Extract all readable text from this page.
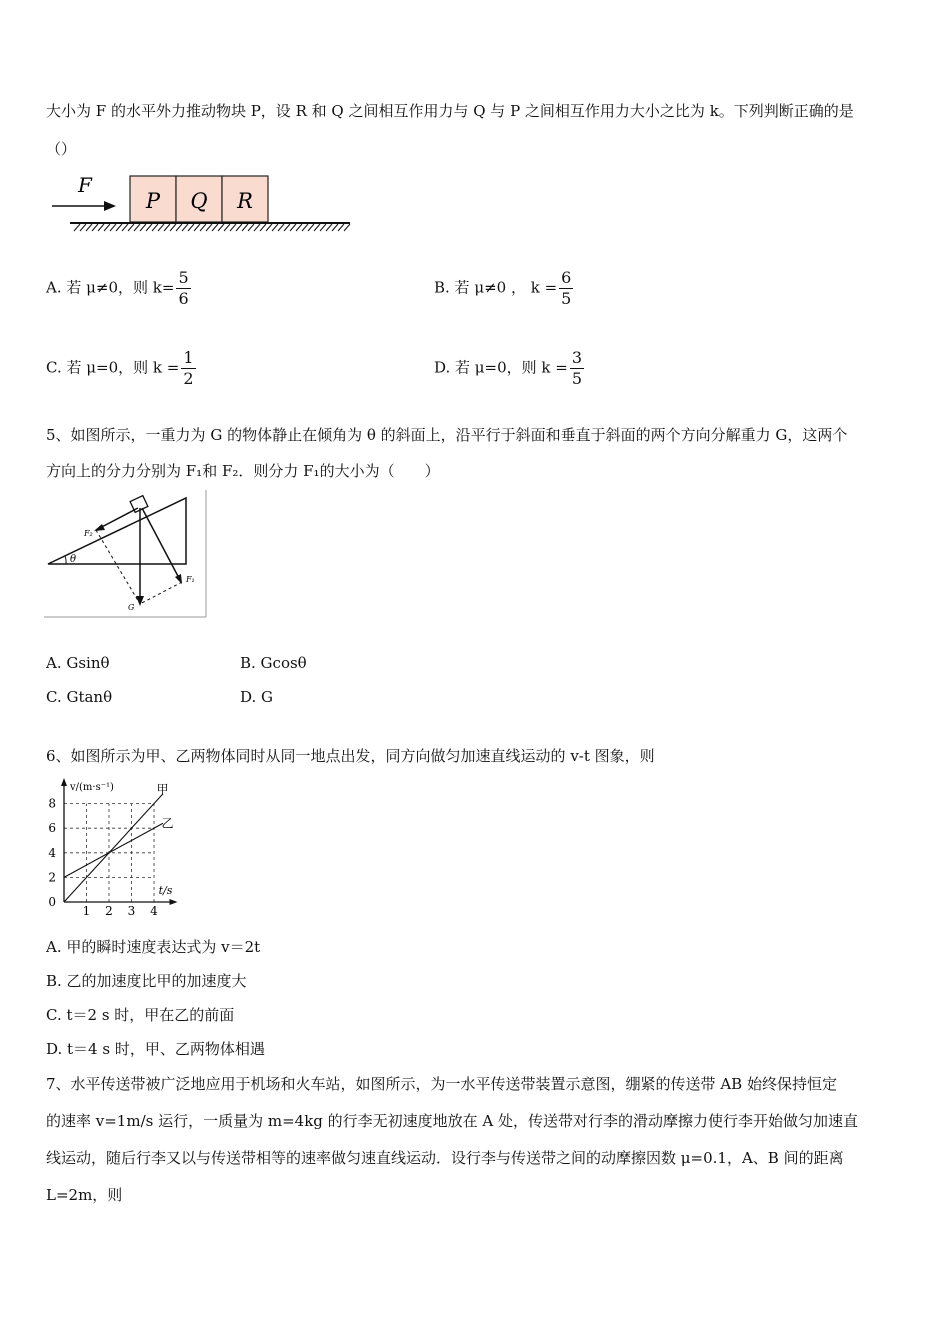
大小为 F 的水平外力推动物块 P，设 R 和 Q 之间相互作用力与 Q 与 P 之间相互作用力大小之比为 k。下列判断正确的是
（）
F
P Q R
A. 若 μ≠0，则 $k= \frac{5}{6}$	B. 若 μ≠0 ， $k = \frac{6}{5}$
C. 若 μ=0，则 $k = \frac{1}{2}$	D. 若 μ=0，则 $k = \frac{3}{5}$
5、如图所示，一重力为 G 的物体静止在倾角为 θ 的斜面上，沿平行于斜面和垂直于斜面的两个方向分解重力 G，这两个
方向上的分力分别为 F₁和 F₂．则分力 F₁的大小为（　　）
θ
G
F₂
F₁
A. Gsinθ	B. Gcosθ
C. Gtanθ	D. G
6、如图所示为甲、乙两物体同时从同一地点出发，同方向做匀加速直线运动的 v-t 图象，则
1 2 3 4
2
4
6
8
0
v/(m·s⁻¹)
t/s
甲
乙
A. 甲的瞬时速度表达式为 v＝2t
B. 乙的加速度比甲的加速度大
C. t＝2 s 时，甲在乙的前面
D. t＝4 s 时，甲、乙两物体相遇
7、水平传送带被广泛地应用于机场和火车站，如图所示，为一水平传送带装置示意图，绷紧的传送带 AB 始终保持恒定
的速率 v=1m/s 运行，一质量为 m=4kg 的行李无初速度地放在 A 处，传送带对行李的滑动摩擦力使行李开始做匀加速直
线运动，随后行李又以与传送带相等的速率做匀速直线运动．设行李与传送带之间的动摩擦因数 μ=0.1，A、B 间的距离
L=2m，则
